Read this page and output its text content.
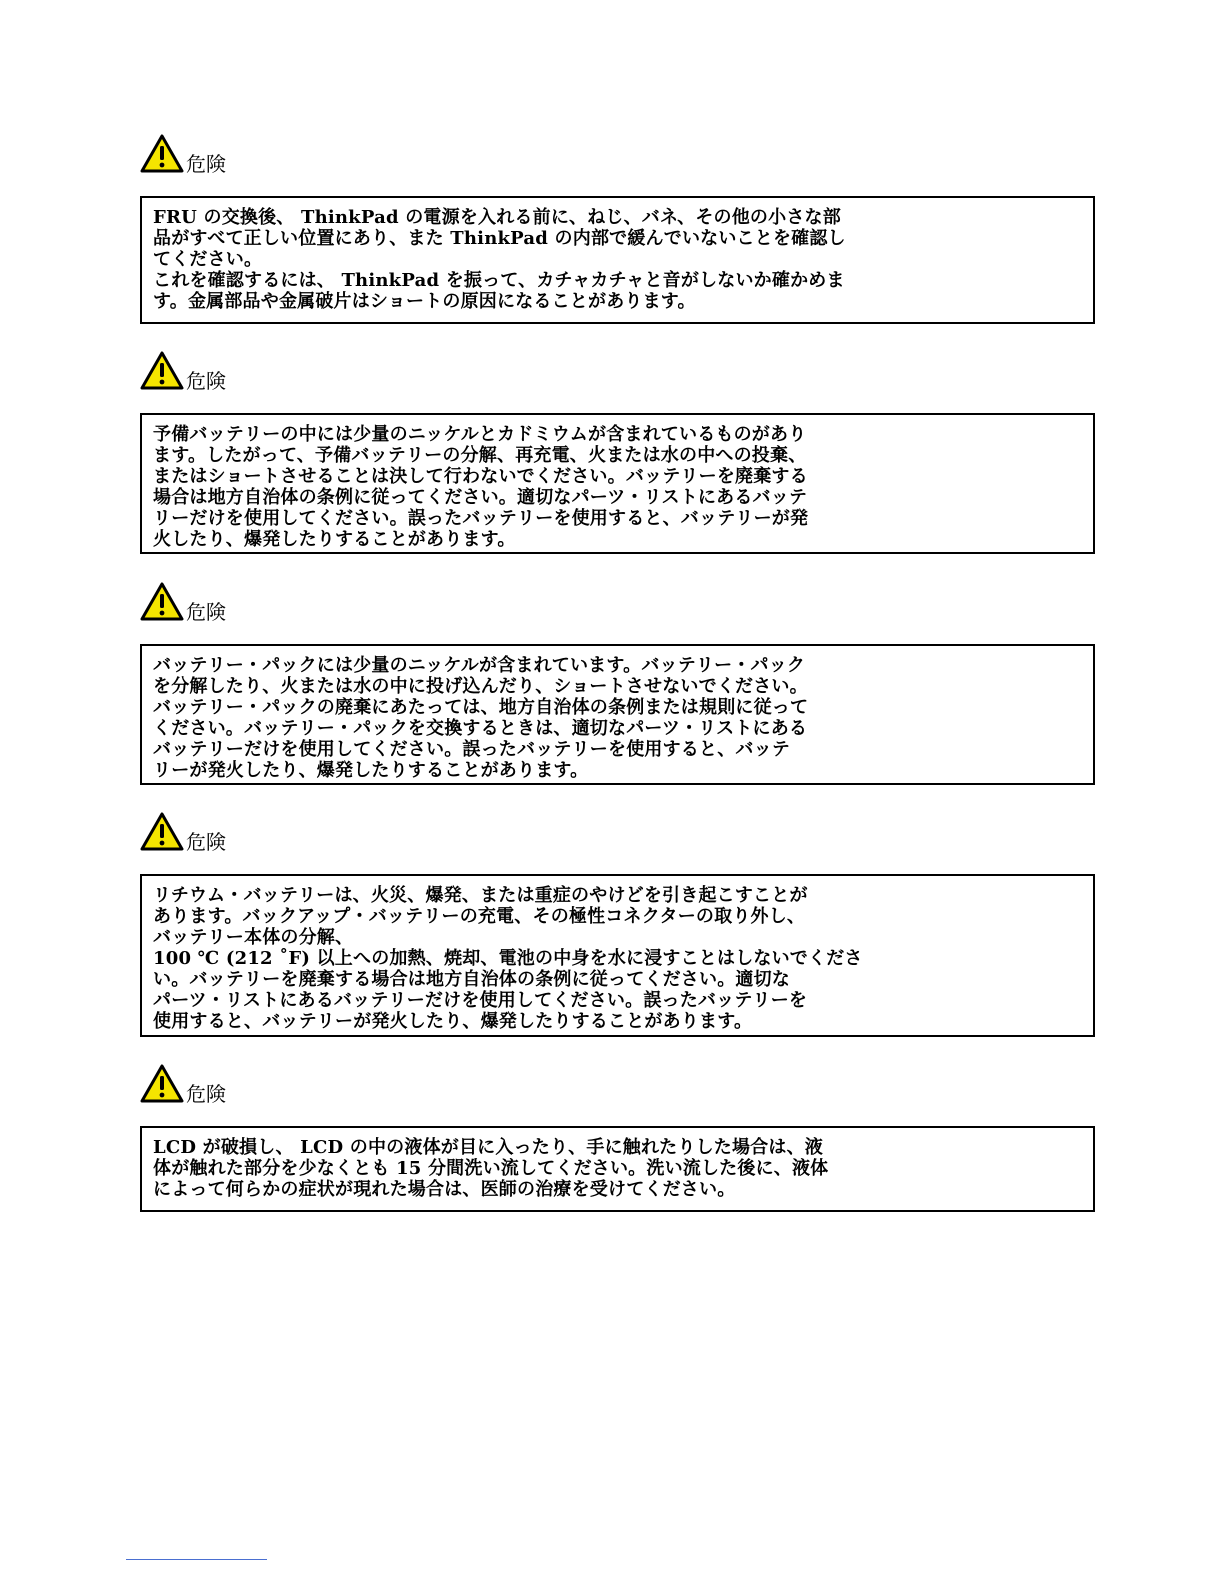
危険

FRU の交換後、 ThinkPad の電源を入れる前に、ねじ、バネ、その他の小さな部

品がすべて正しい位置にあり、また ThinkPad の内部で緩んでいないことを確認し

てください。

これを確認するには、 ThinkPad を振って、カチャカチャと音がしないか確かめま

す。金属部品や金属破片はショートの原因になることがあります。

危険

予備バッテリーの中には少量のニッケルとカドミウムが含まれているものがあり

ます。したがって、予備バッテリーの分解、再充電、火または水の中への投棄、

またはショートさせることは決して行わないでください。バッテリーを廃棄する

場合は地方自治体の条例に従ってください。適切なパーツ・リストにあるバッテ

リーだけを使用してください。誤ったバッテリーを使用すると、バッテリーが発

火したり、爆発したりすることがあります。

危険

バッテリー・パックには少量のニッケルが含まれています。バッテリー・パック

を分解したり、火または水の中に投げ込んだり、ショートさせないでください。

バッテリー・パックの廃棄にあたっては、地方自治体の条例または規則に従って

ください。バッテリー・パックを交換するときは、適切なパーツ・リストにある

バッテリーだけを使用してください。誤ったバッテリーを使用すると、バッテ

リーが発火したり、爆発したりすることがあります。

危険

リチウム・バッテリーは、火災、爆発、または重症のやけどを引き起こすことが

あります。バックアップ・バッテリーの充電、その極性コネクターの取り外し、

バッテリー本体の分解、

100 ℃ (212 ˚F) 以上への加熱、焼却、電池の中身を水に浸すことはしないでくださ

い。バッテリーを廃棄する場合は地方自治体の条例に従ってください。適切な

パーツ・リストにあるバッテリーだけを使用してください。誤ったバッテリーを

使用すると、バッテリーが発火したり、爆発したりすることがあります。

危険

LCD が破損し、 LCD の中の液体が目に入ったり、手に触れたりした場合は、液

体が触れた部分を少なくとも 15 分間洗い流してください。洗い流した後に、液体

によって何らかの症状が現れた場合は、医師の治療を受けてください。
